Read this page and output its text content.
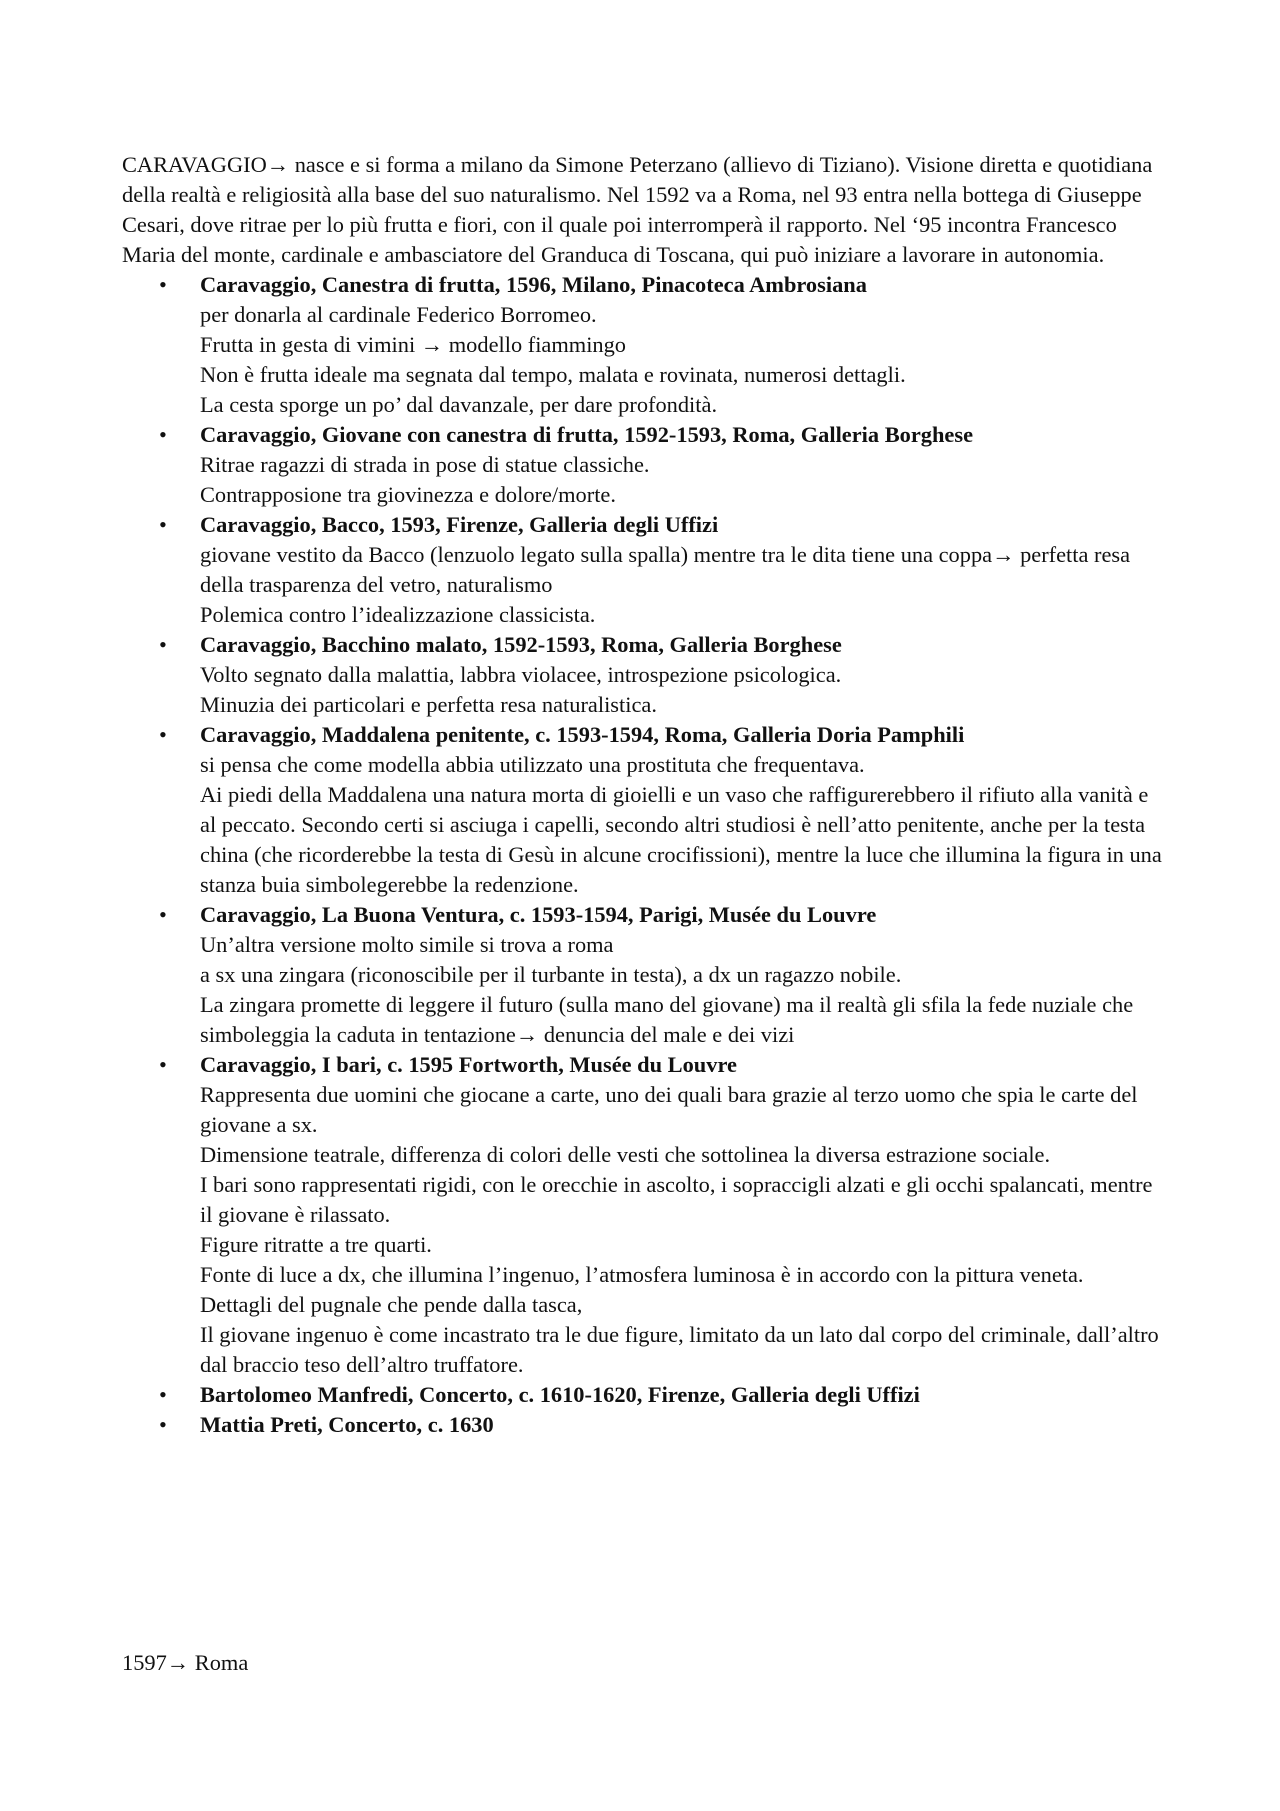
CARAVAGGIO→ nasce e si forma a milano da Simone Peterzano (allievo di Tiziano). Visione diretta e quotidiana della realtà e religiosità alla base del suo naturalismo. Nel 1592 va a Roma, nel 93 entra nella bottega di Giuseppe Cesari, dove ritrae per lo più frutta e fiori, con il quale poi interromperà il rapporto. Nel ‘95 incontra Francesco Maria del monte, cardinale e ambasciatore del Granduca di Toscana, qui può iniziare a lavorare in autonomia.

• Caravaggio, Canestra di frutta, 1596, Milano, Pinacoteca Ambrosiana
per donarla al cardinale Federico Borromeo.
Frutta in gesta di vimini → modello fiammingo
Non è frutta ideale ma segnata dal tempo, malata e rovinata, numerosi dettagli.
La cesta sporge un po’ dal davanzale, per dare profondità.
• Caravaggio, Giovane con canestra di frutta, 1592-1593, Roma, Galleria Borghese
Ritrae ragazzi di strada in pose di statue classiche.
Contrapposione tra giovinezza e dolore/morte.
• Caravaggio, Bacco, 1593, Firenze, Galleria degli Uffizi
giovane vestito da Bacco (lenzuolo legato sulla spalla) mentre tra le dita tiene una coppa→ perfetta resa della trasparenza del vetro, naturalismo
Polemica contro l’idealizzazione classicista.
• Caravaggio, Bacchino malato, 1592-1593, Roma, Galleria Borghese
Volto segnato dalla malattia, labbra violacee, introspezione psicologica.
Minuzia dei particolari e perfetta resa naturalistica.
• Caravaggio, Maddalena penitente, c. 1593-1594, Roma, Galleria Doria Pamphili
si pensa che come modella abbia utilizzato una prostituta che frequentava.
Ai piedi della Maddalena una natura morta di gioielli e un vaso che raffigurerebbero il rifiuto alla vanità e al peccato. Secondo certi si asciuga i capelli, secondo altri studiosi è nell’atto penitente, anche per la testa china (che ricorderebbe la testa di Gesù in alcune crocifissioni), mentre la luce che illumina la figura in una stanza buia simbolegerebbe la redenzione.
• Caravaggio, La Buona Ventura, c. 1593-1594, Parigi, Musée du Louvre
Un’altra versione molto simile si trova a roma
a sx una zingara (riconoscibile per il turbante in testa), a dx un ragazzo nobile.
La zingara promette di leggere il futuro (sulla mano del giovane) ma il realtà gli sfila la fede nuziale che simboleggia la caduta in tentazione→ denuncia del male e dei vizi
• Caravaggio, I bari, c. 1595 Fortworth, Musée du Louvre
Rappresenta due uomini che giocane a carte, uno dei quali bara grazie al terzo uomo che spia le carte del giovane a sx.
Dimensione teatrale, differenza di colori delle vesti che sottolinea la diversa estrazione sociale.
I bari sono rappresentati rigidi, con le orecchie in ascolto, i sopraccigli alzati e gli occhi spalancati, mentre il giovane è rilassato.
Figure ritratte a tre quarti.
Fonte di luce a dx, che illumina l’ingenuo, l’atmosfera luminosa è in accordo con la pittura veneta.
Dettagli del pugnale che pende dalla tasca,
Il giovane ingenuo è come incastrato tra le due figure, limitato da un lato dal corpo del criminale, dall’altro dal braccio teso dell’altro truffatore.
• Bartolomeo Manfredi, Concerto, c. 1610-1620, Firenze, Galleria degli Uffizi
• Mattia Preti, Concerto, c. 1630
1597→ Roma
